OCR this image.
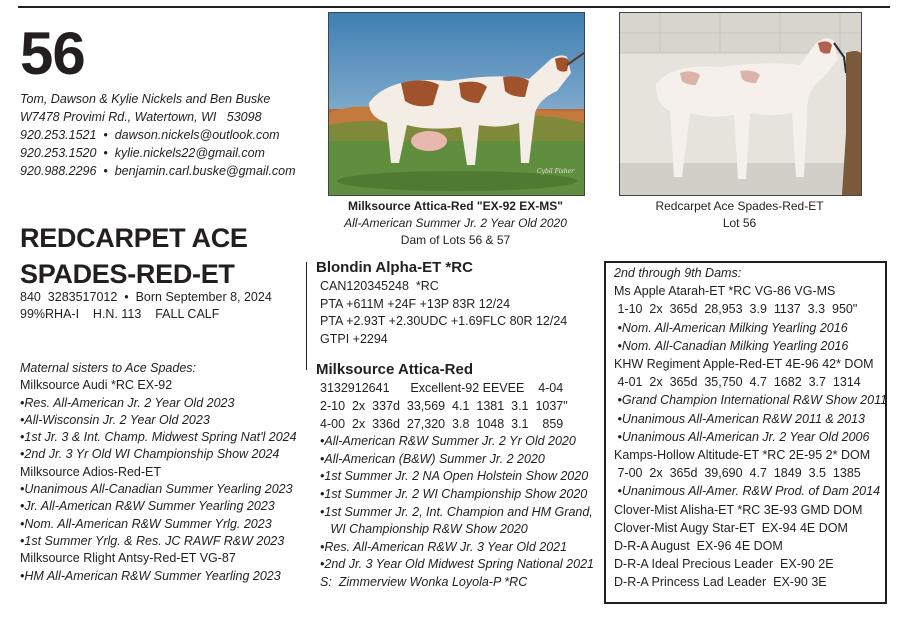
56
Tom, Dawson & Kylie Nickels and Ben Buske
W7478 Provimi Rd., Watertown, WI   53098
920.253.1521  •  dawson.nickels@outlook.com
920.253.1520  •  kylie.nickels22@gmail.com
920.988.2296  •  benjamin.carl.buske@gmail.com
REDCARPET ACE
SPADES-RED-ET
840  3283517012  •  Born September 8, 2024
99%RHA-I    H.N. 113    FALL CALF
Maternal sisters to Ace Spades:
Milksource Audi *RC EX-92
•Res. All-American Jr. 2 Year Old 2023
•All-Wisconsin Jr. 2 Year Old 2023
•1st Jr. 3 & Int. Champ. Midwest Spring Nat'l 2024
•2nd Jr. 3 Yr Old WI Championship Show 2024
Milksource Adios-Red-ET
•Unanimous All-Canadian Summer Yearling 2023
•Jr. All-American R&W Summer Yearling 2023
•Nom. All-American R&W Summer Yrlg. 2023
•1st Summer Yrlg. & Res. JC RAWF R&W 2023
Milksource Rlight Antsy-Red-ET VG-87
•HM All-American R&W Summer Yearling 2023
Cybil Fisher
Milksource Attica-Red "EX-92 EX-MS"
All-American Summer Jr. 2 Year Old 2020
Dam of Lots 56 & 57
Redcarpet Ace Spades-Red-ET
Lot 56
Blondin Alpha-ET *RC
CAN120345248  *RC
PTA +611M +24F +13P 83R 12/24
PTA +2.93T +2.30UDC +1.69FLC 80R 12/24
GTPI +2294
Milksource Attica-Red
3132912641      Excellent-92 EEVEE    4-04
2-10  2x  337d  33,569  4.1  1381  3.1  1037"
4-00  2x  336d  27,320  3.8  1048  3.1    859
•All-American R&W Summer Jr. 2 Yr Old 2020
•All-American (B&W) Summer Jr. 2 2020
•1st Summer Jr. 2 NA Open Holstein Show 2020
•1st Summer Jr. 2 WI Championship Show 2020
•1st Summer Jr. 2, Int. Champion and HM Grand,
WI Championship R&W Show 2020
•Res. All-American R&W Jr. 3 Year Old 2021
•2nd Jr. 3 Year Old Midwest Spring National 2021
S:  Zimmerview Wonka Loyola-P *RC
2nd through 9th Dams:
Ms Apple Atarah-ET *RC VG-86 VG-MS
1-10  2x  365d  28,953  3.9  1137  3.3  950"
•Nom. All-American Milking Yearling 2016
•Nom. All-Canadian Milking Yearling 2016
KHW Regiment Apple-Red-ET 4E-96 42* DOM
4-01  2x  365d  35,750  4.7  1682  3.7  1314
•Grand Champion International R&W Show 2011
•Unanimous All-American R&W 2011 & 2013
•Unanimous All-American Jr. 2 Year Old 2006
Kamps-Hollow Altitude-ET *RC 2E-95 2* DOM
7-00  2x  365d  39,690  4.7  1849  3.5  1385
•Unanimous All-Amer. R&W Prod. of Dam 2014
Clover-Mist Alisha-ET *RC 3E-93 GMD DOM
Clover-Mist Augy Star-ET  EX-94 4E DOM
D-R-A August  EX-96 4E DOM
D-R-A Ideal Precious Leader  EX-90 2E
D-R-A Princess Lad Leader  EX-90 3E
